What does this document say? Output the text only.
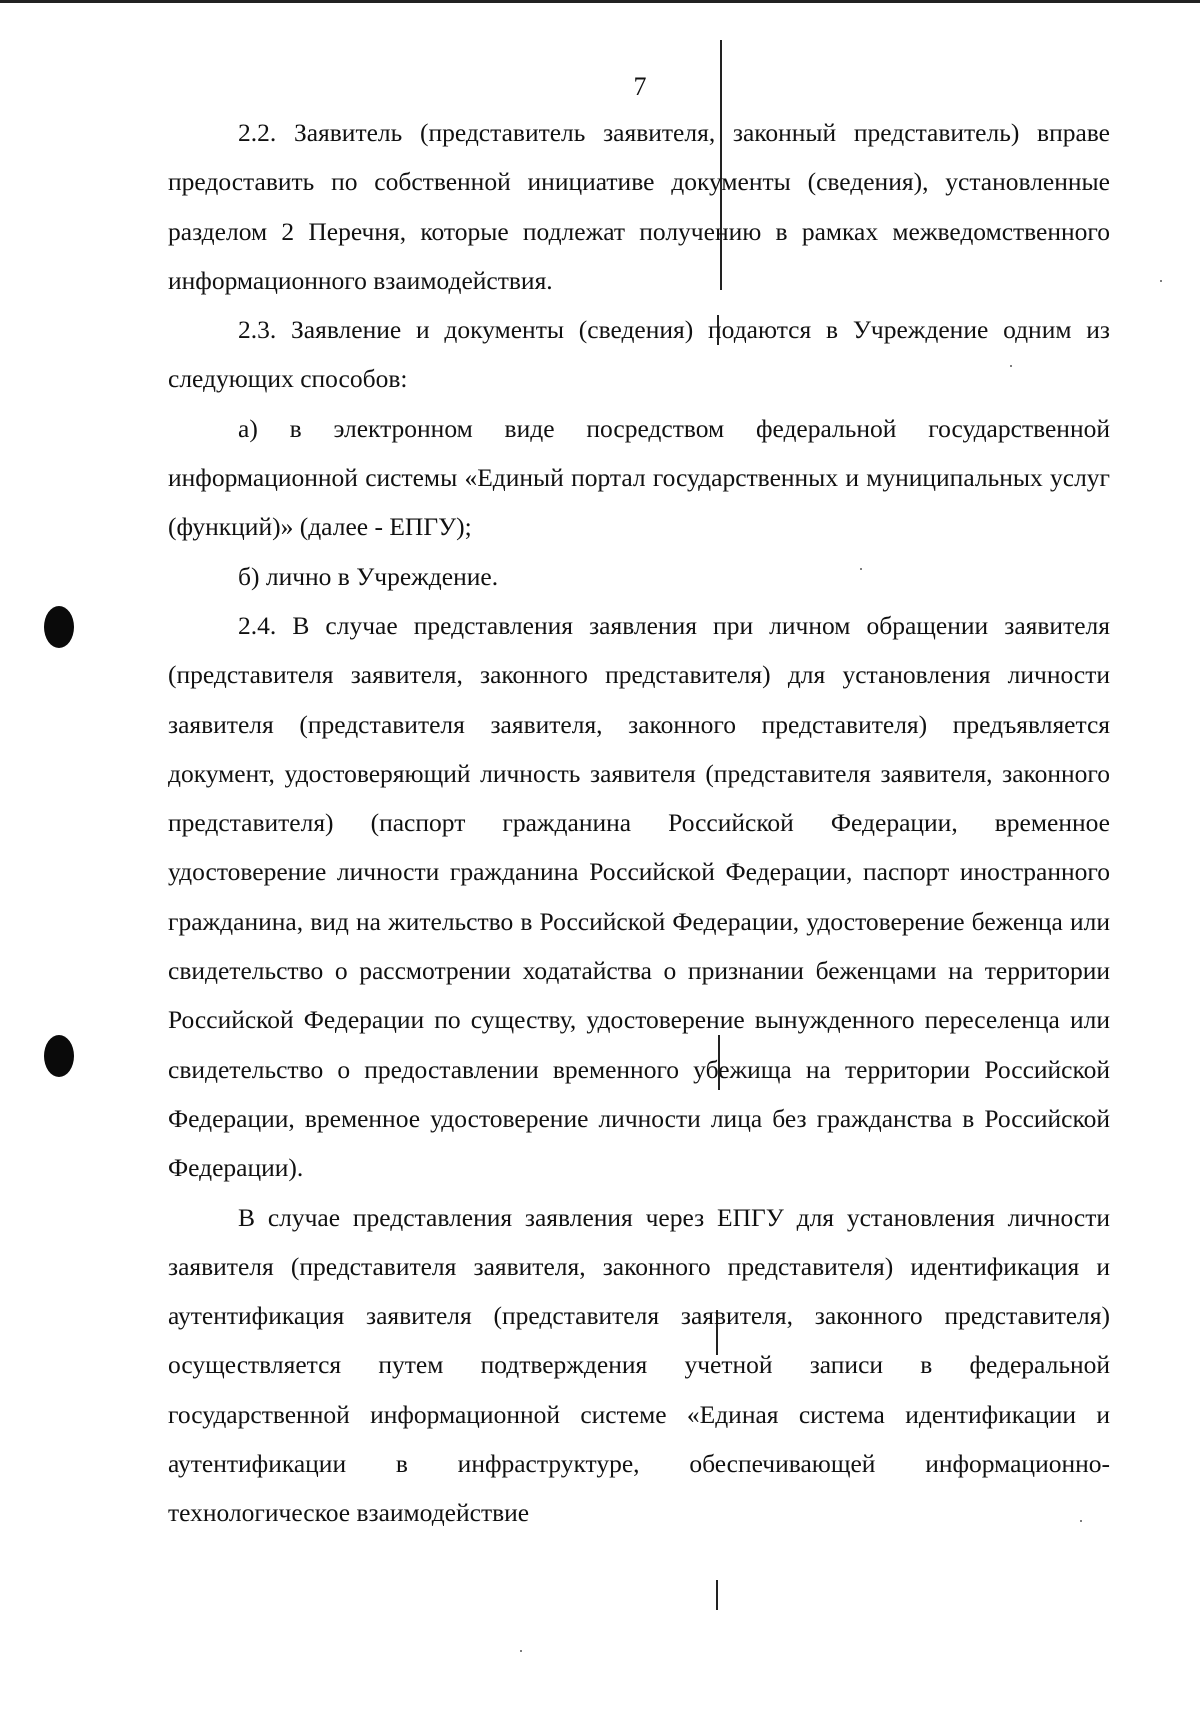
7

2.2. Заявитель (представитель заявителя, законный представитель) вправе предоставить по собственной инициативе документы (сведения), установленные разделом 2 Перечня, которые подлежат получению в рамках межведомственного информационного взаимодействия.

2.3. Заявление и документы (сведения) подаются в Учреждение одним из следующих способов:

а) в электронном виде посредством федеральной государственной информационной системы «Единый портал государственных и муниципальных услуг (функций)» (далее - ЕПГУ);

б) лично в Учреждение.

2.4. В случае представления заявления при личном обращении заявителя (представителя заявителя, законного представителя) для установления личности заявителя (представителя заявителя, законного представителя) предъявляется документ, удостоверяющий личность заявителя (представителя заявителя, законного представителя) (паспорт гражданина Российской Федерации, временное удостоверение личности гражданина Российской Федерации, паспорт иностранного гражданина, вид на жительство в Российской Федерации, удостоверение беженца или свидетельство о рассмотрении ходатайства о признании беженцами на территории Российской Федерации по существу, удостоверение вынужденного переселенца или свидетельство о предоставлении временного убежища на территории Российской Федерации, временное удостоверение личности лица без гражданства в Российской Федерации).

В случае представления заявления через ЕПГУ для установления личности заявителя (представителя заявителя, законного представителя) идентификация и аутентификация заявителя (представителя заявителя, законного представителя) осуществляется путем подтверждения учетной записи в федеральной государственной информационной системе «Единая система идентификации и аутентификации в инфраструктуре, обеспечивающей информационно-технологическое взаимодействие
